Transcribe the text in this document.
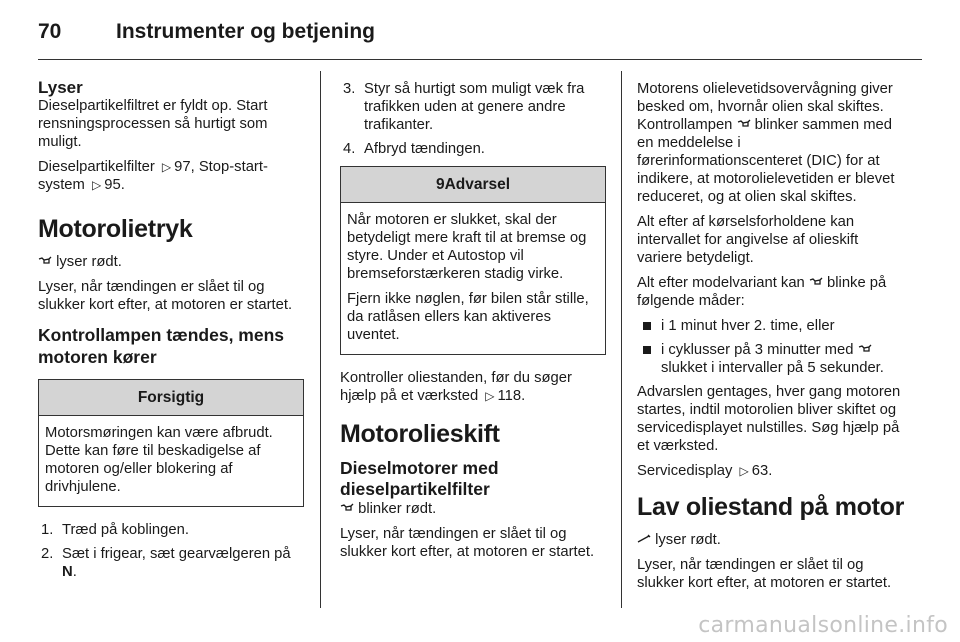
70	Instrumenter og betjening
Lyser

Dieselpartikelfiltret er fyldt op. Start rensningsprocessen så hurtigt som muligt.

Dieselpartikelfilter ▷ 97, Stop-start-system ▷ 95.

Motorolietryk

lyser rødt.

Lyser, når tændingen er slået til og slukker kort efter, at motoren er startet.

Kontrollampen tændes, mens motoren kører
Forsigtig

Motorsmøringen kan være afbrudt. Dette kan føre til beskadigelse af motoren og/eller blokering af drivhjulene.

1. Træd på koblingen.
2. Sæt i frigear, sæt gearvælgeren på N.
3. Styr så hurtigt som muligt væk fra trafikken uden at genere andre trafikanter.
4. Afbryd tændingen.
9 Advarsel

Når motoren er slukket, skal der betydeligt mere kraft til at bremse og styre. Under et Autostop vil bremseforstærkeren stadig virke.

Fjern ikke nøglen, før bilen står stille, da ratlåsen ellers kan aktiveres uventet.

Kontroller oliestanden, før du søger hjælp på et værksted ▷ 118.

Motorolieskift
Dieselmotorer med dieselpartikelfilter

blinker rødt.

Lyser, når tændingen er slået til og slukker kort efter, at motoren er startet.

Motorens olielevetidsovervågning giver besked om, hvornår olien skal skiftes. Kontrollampen
blinker sammen med en meddelelse i førerinformationscenteret (DIC) for at indikere, at motorolielevetiden er blevet reduceret, og at olien skal skiftes.

Alt efter af kørselsforholdene kan intervallet for angivelse af olieskift variere betydeligt.

Alt efter modelvariant kan
blinke på følgende måder:

i 1 minut hver 2. time, eller
i cyklusser på 3 minutter med
slukket i intervaller på 5 sekunder.

Advarslen gentages, hver gang motoren startes, indtil motorolien bliver skiftet og servicedisplayet nulstilles. Søg hjælp på et værksted.

Servicedisplay ▷ 63.

Lav oliestand på motor

lyser rødt.

Lyser, når tændingen er slået til og slukker kort efter, at motoren er startet.

carmanualsonline.info
